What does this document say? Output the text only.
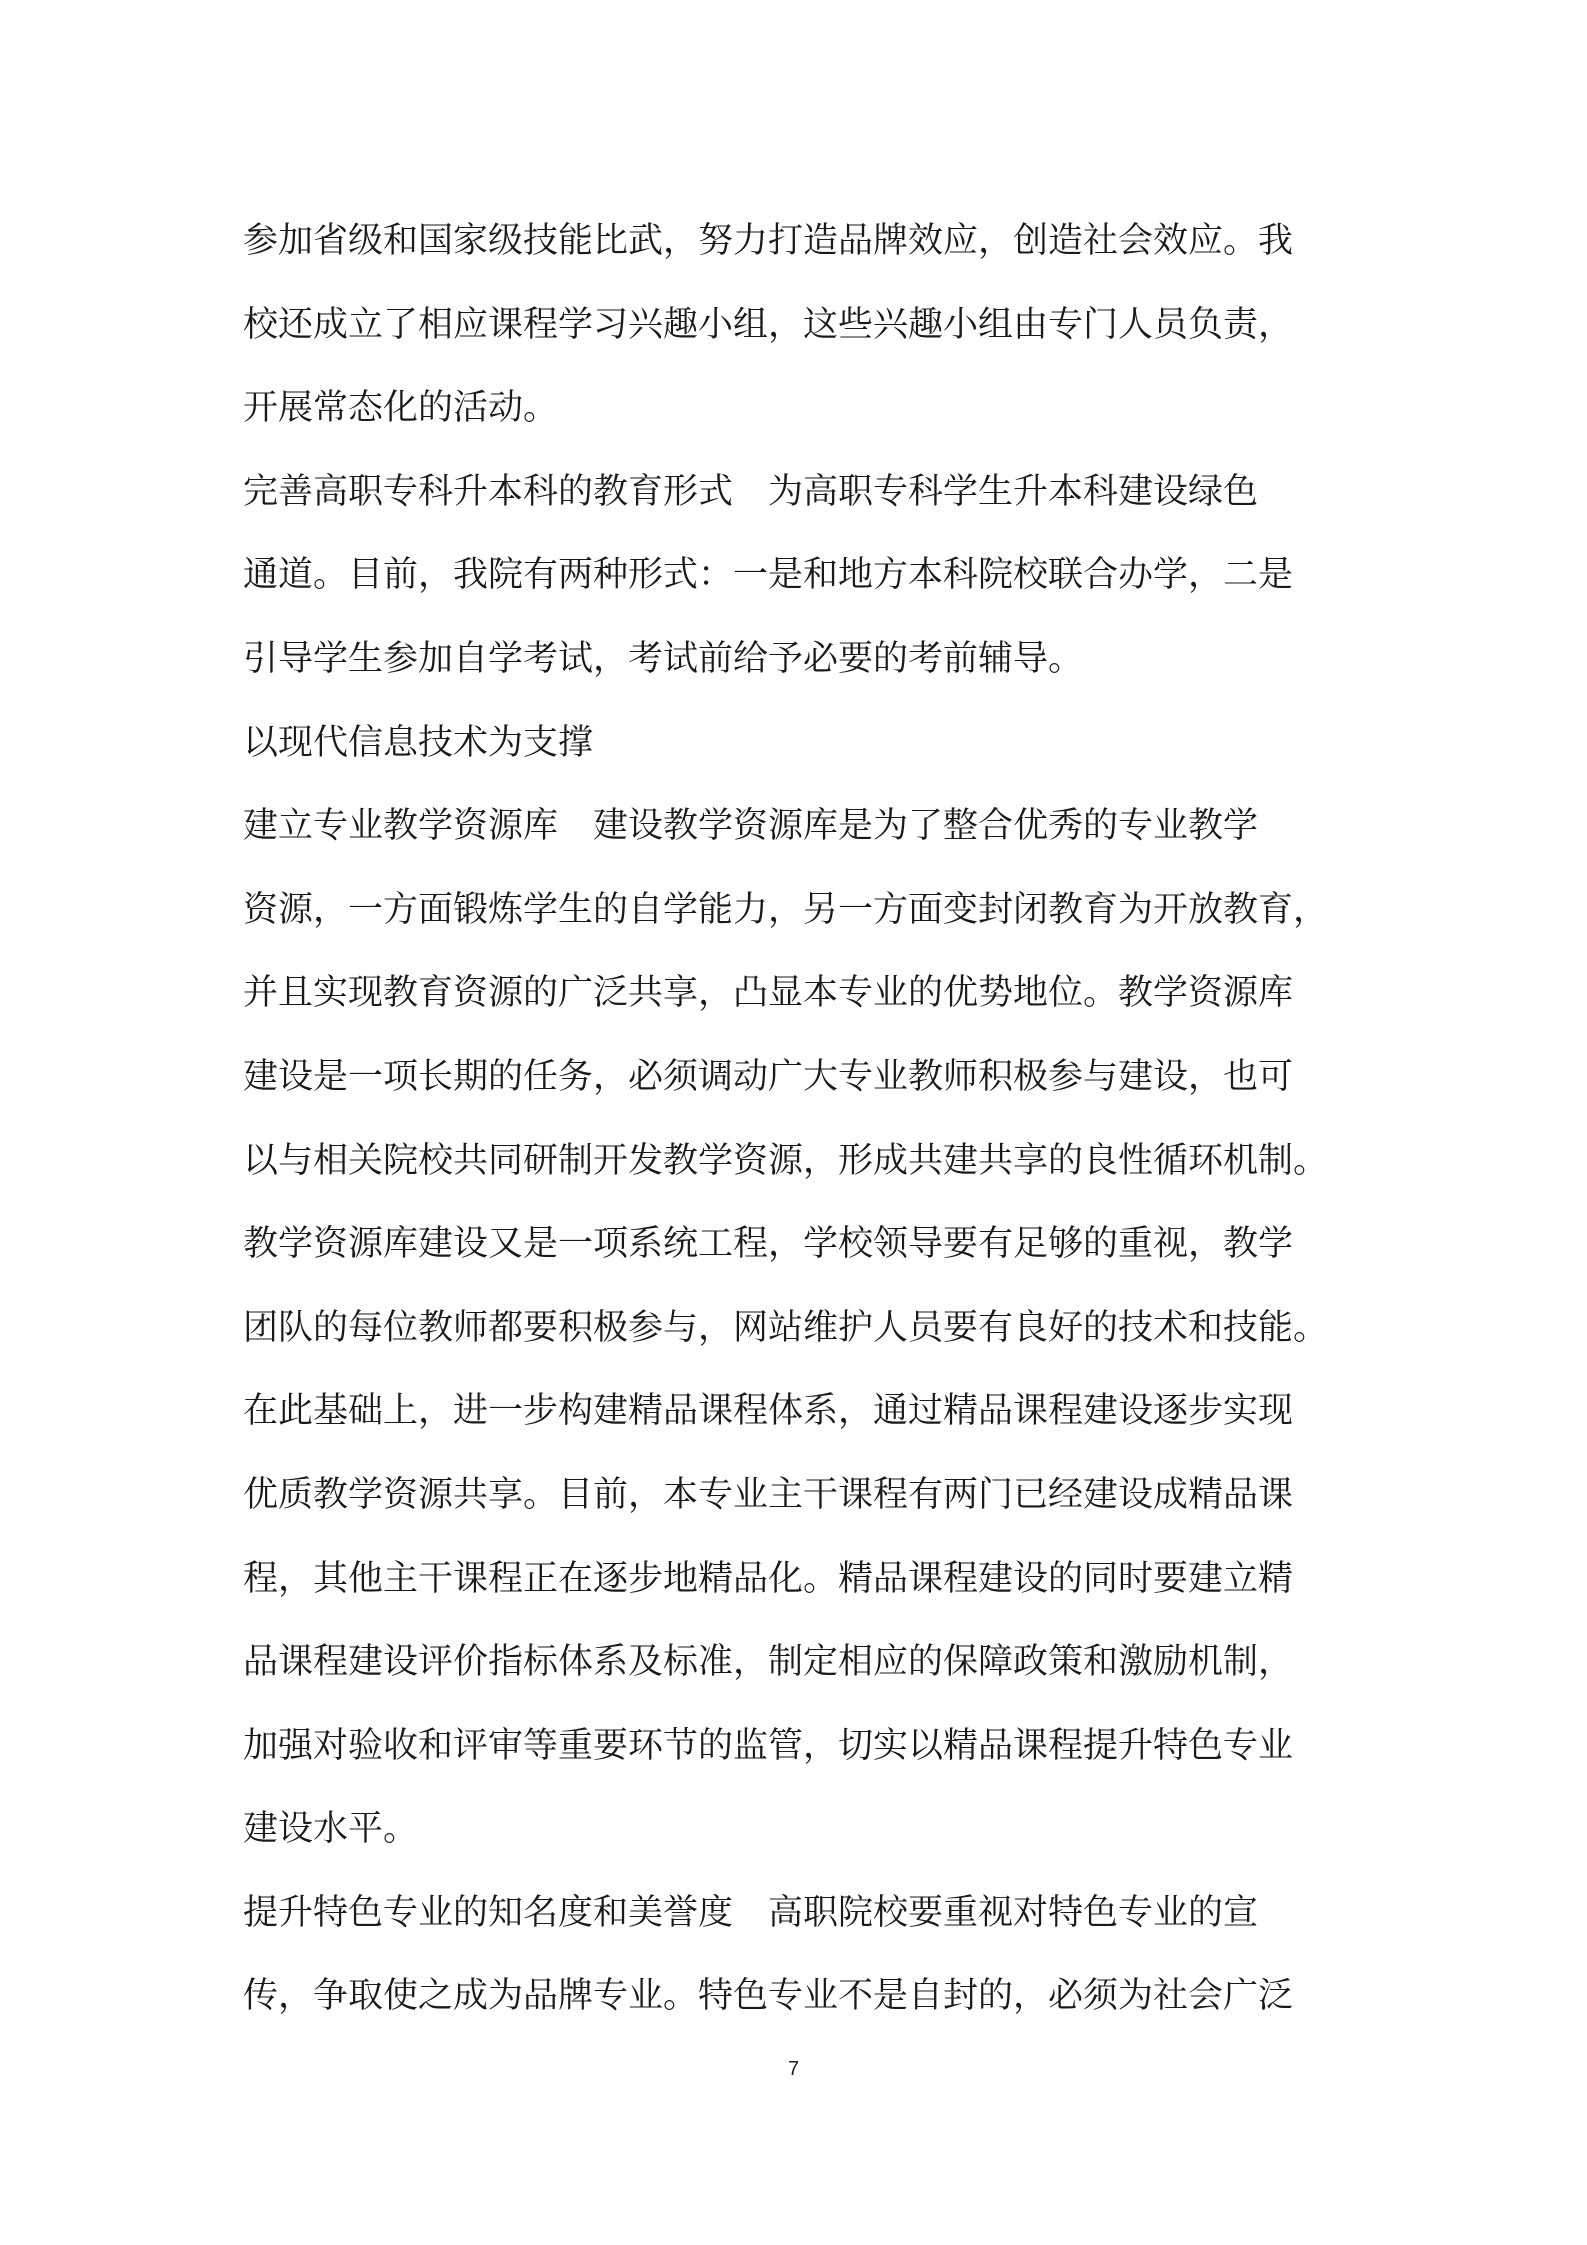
参加省级和国家级技能比武，努力打造品牌效应，创造社会效应。我
校还成立了相应课程学习兴趣小组，这些兴趣小组由专门人员负责，
开展常态化的活动。
完善高职专科升本科的教育形式　为高职专科学生升本科建设绿色
通道。目前，我院有两种形式：一是和地方本科院校联合办学，二是
引导学生参加自学考试，考试前给予必要的考前辅导。
以现代信息技术为支撑
建立专业教学资源库　建设教学资源库是为了整合优秀的专业教学
资源，一方面锻炼学生的自学能力，另一方面变封闭教育为开放教育，
并且实现教育资源的广泛共享，凸显本专业的优势地位。教学资源库
建设是一项长期的任务，必须调动广大专业教师积极参与建设，也可
以与相关院校共同研制开发教学资源，形成共建共享的良性循环机制。
教学资源库建设又是一项系统工程，学校领导要有足够的重视，教学
团队的每位教师都要积极参与，网站维护人员要有良好的技术和技能。
在此基础上，进一步构建精品课程体系，通过精品课程建设逐步实现
优质教学资源共享。目前，本专业主干课程有两门已经建设成精品课
程，其他主干课程正在逐步地精品化。精品课程建设的同时要建立精
品课程建设评价指标体系及标准，制定相应的保障政策和激励机制，
加强对验收和评审等重要环节的监管，切实以精品课程提升特色专业
建设水平。
提升特色专业的知名度和美誉度　高职院校要重视对特色专业的宣
传，争取使之成为品牌专业。特色专业不是自封的，必须为社会广泛
7
